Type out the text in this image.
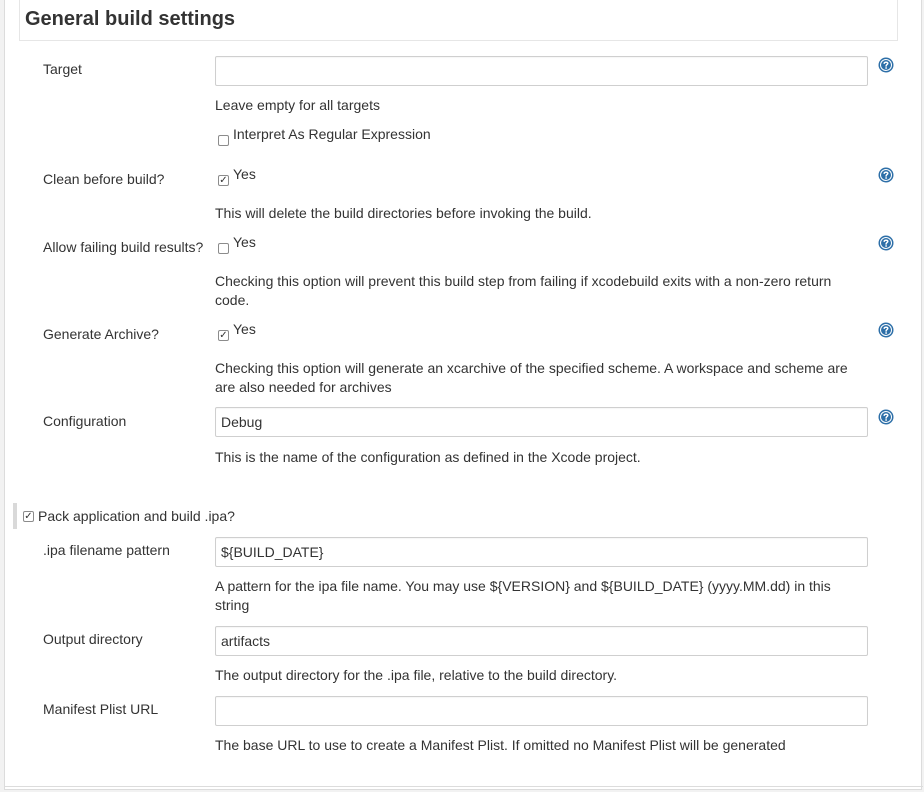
General build settings
Target
Leave empty for all targets
Interpret As Regular Expression
Clean before build?	✓ Yes
This will delete the build directories before invoking the build.
Allow failing build results? Yes
Checking this option will prevent this build step from failing if xcodebuild exits with a non-zero return code.
Generate Archive?	✓ Yes
Checking this option will generate an xcarchive of the specified scheme. A workspace and scheme are are also needed for archives
Configuration
Debug
This is the name of the configuration as defined in the Xcode project.
✓ Pack application and build .ipa?
.ipa filename pattern
${BUILD_DATE}
A pattern for the ipa file name. You may use ${VERSION} and ${BUILD_DATE} (yyyy.MM.dd) in this string
Output directory
artifacts
The output directory for the .ipa file, relative to the build directory.
Manifest Plist URL
The base URL to use to create a Manifest Plist. If omitted no Manifest Plist will be generated
